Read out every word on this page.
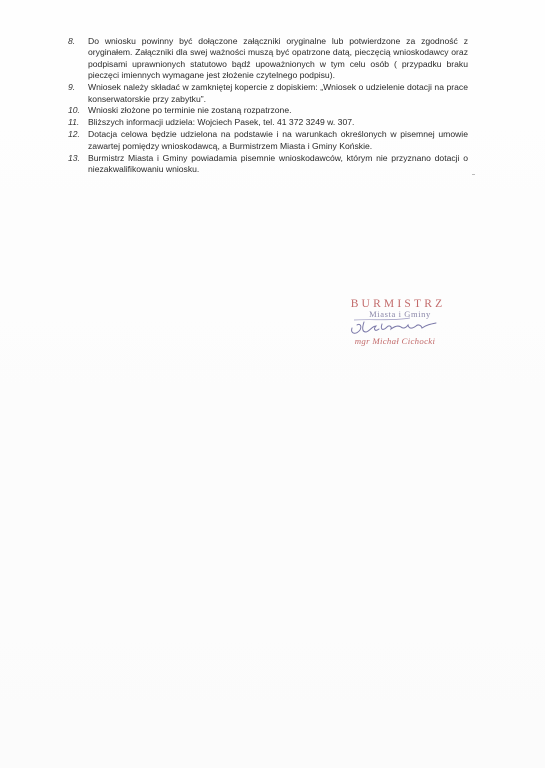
8.	Do wniosku powinny być dołączone załączniki oryginalne lub potwierdzone za zgodność z oryginałem. Załączniki dla swej ważności muszą być opatrzone datą, pieczęcią wnioskodawcy oraz podpisami uprawnionych statutowo bądź upoważnionych w tym celu osób ( przypadku braku pieczęci imiennych wymagane jest złożenie czytelnego podpisu).
9.	Wniosek należy składać w zamkniętej kopercie z dopiskiem: „Wniosek o udzielenie dotacji na prace konserwatorskie przy zabytku”.
10. Wnioski złożone po terminie nie zostaną rozpatrzone.
11.	Bliższych informacji udziela: Wojciech Pasek, tel. 41 372 3249 w. 307.
12. Dotacja celowa będzie udzielona na podstawie i na warunkach określonych w pisemnej umowie zawartej pomiędzy wnioskodawcą, a Burmistrzem Miasta i Gminy Końskie.
13. Burmistrz Miasta i Gminy powiadamia pisemnie wnioskodawców, którym nie przyznano dotacji o niezakwalifikowaniu wniosku.
BURMISTRZ
Miasta i Gminy
mgr Michał Cichocki
